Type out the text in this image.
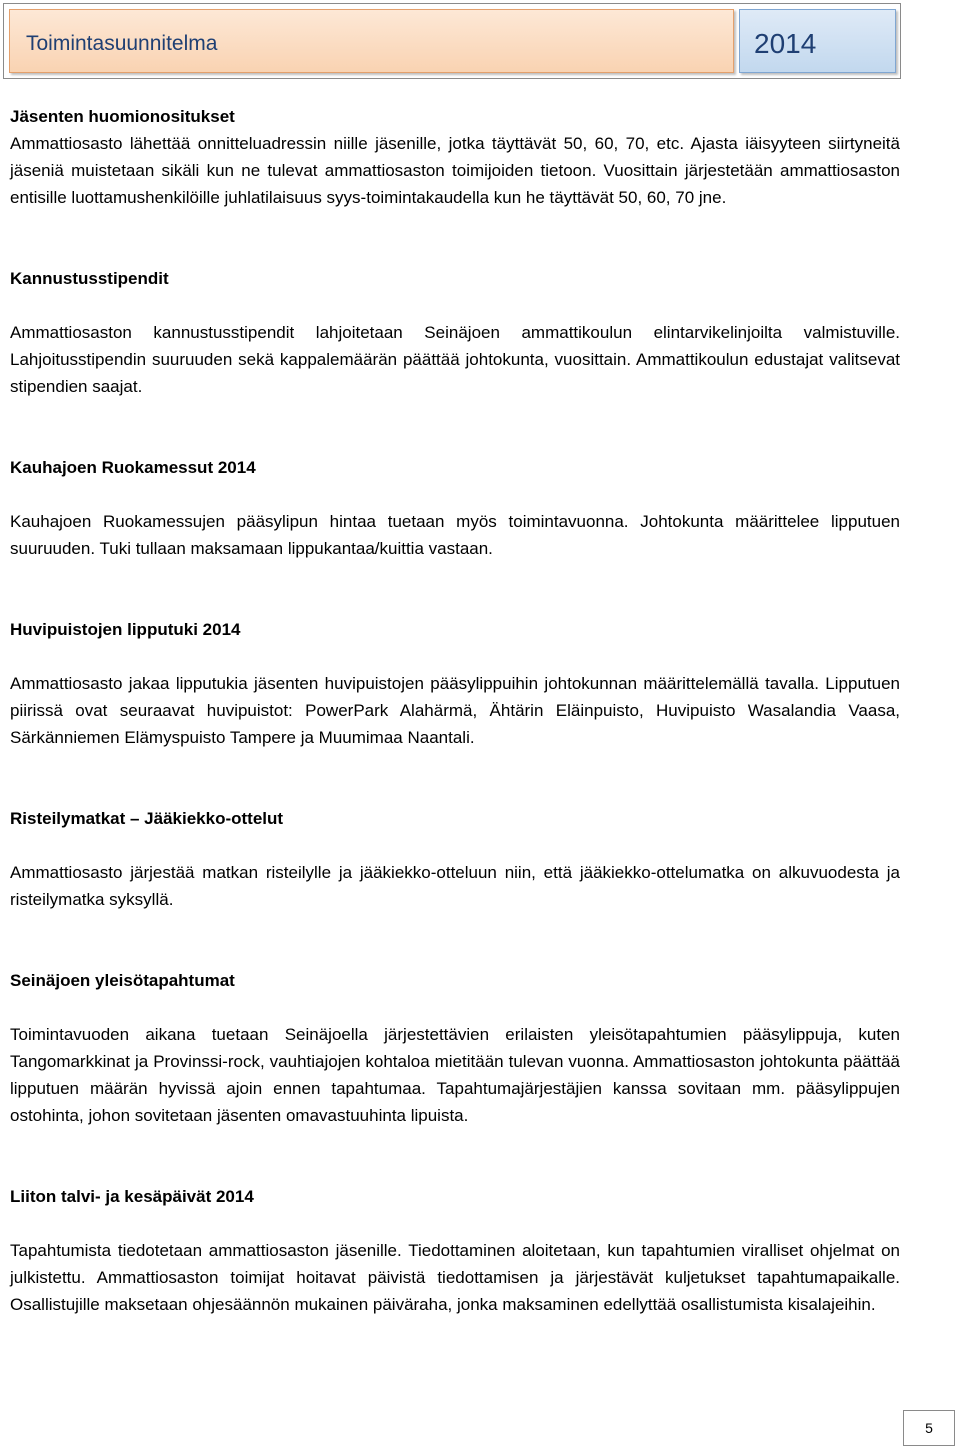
Toimintasuunnitelma	2014

Jäsenten huomionositukset

Ammattiosasto lähettää onnitteluadressin niille jäsenille, jotka täyttävät 50, 60, 70, etc. Ajasta iäisyyteen siirtyneitä jäseniä muistetaan sikäli kun ne tulevat ammattiosaston toimijoiden tietoon. Vuosittain järjestetään ammattiosaston entisille luottamushenkilöille juhlatilaisuus syys-toimintakaudella kun he täyttävät 50, 60, 70 jne.

Kannustusstipendit

Ammattiosaston kannustusstipendit lahjoitetaan Seinäjoen ammattikoulun elintarvikelinjoilta valmistuville. Lahjoitusstipendin suuruuden sekä kappalemäärän päättää johtokunta, vuosittain. Ammattikoulun edustajat valitsevat stipendien saajat.

Kauhajoen Ruokamessut 2014

Kauhajoen Ruokamessujen pääsylipun hintaa tuetaan myös toimintavuonna. Johtokunta määrittelee lipputuen suuruuden. Tuki tullaan maksamaan lippukantaa/kuittia vastaan.

Huvipuistojen lipputuki 2014

Ammattiosasto jakaa lipputukia jäsenten huvipuistojen pääsylippuihin johtokunnan määrittelemällä tavalla. Lipputuen piirissä ovat seuraavat huvipuistot: PowerPark Alahärmä, Ähtärin Eläinpuisto, Huvipuisto Wasalandia Vaasa, Särkänniemen Elämyspuisto Tampere ja Muumimaa Naantali.

Risteilymatkat – Jääkiekko-ottelut

Ammattiosasto järjestää matkan risteilylle ja jääkiekko-otteluun niin, että jääkiekko-ottelumatka on alkuvuodesta ja risteilymatka syksyllä.

Seinäjoen yleisötapahtumat

Toimintavuoden aikana tuetaan Seinäjoella järjestettävien erilaisten yleisötapahtumien pääsylippuja, kuten Tangomarkkinat ja Provinssi-rock, vauhtiajojen kohtaloa mietitään tulevan vuonna. Ammattiosaston johtokunta päättää lipputuen määrän hyvissä ajoin ennen tapahtumaa. Tapahtumajärjestäjien kanssa sovitaan mm. pääsylippujen ostohinta, johon sovitetaan jäsenten omavastuuhinta lipuista.

Liiton talvi- ja kesäpäivät 2014

Tapahtumista tiedotetaan ammattiosaston jäsenille. Tiedottaminen aloitetaan, kun tapahtumien viralliset ohjelmat on julkistettu. Ammattiosaston toimijat hoitavat päivistä tiedottamisen ja järjestävät kuljetukset tapahtumapaikalle. Osallistujille maksetaan ohjesäännön mukainen päiväraha, jonka maksaminen edellyttää osallistumista kisalajeihin.

5
